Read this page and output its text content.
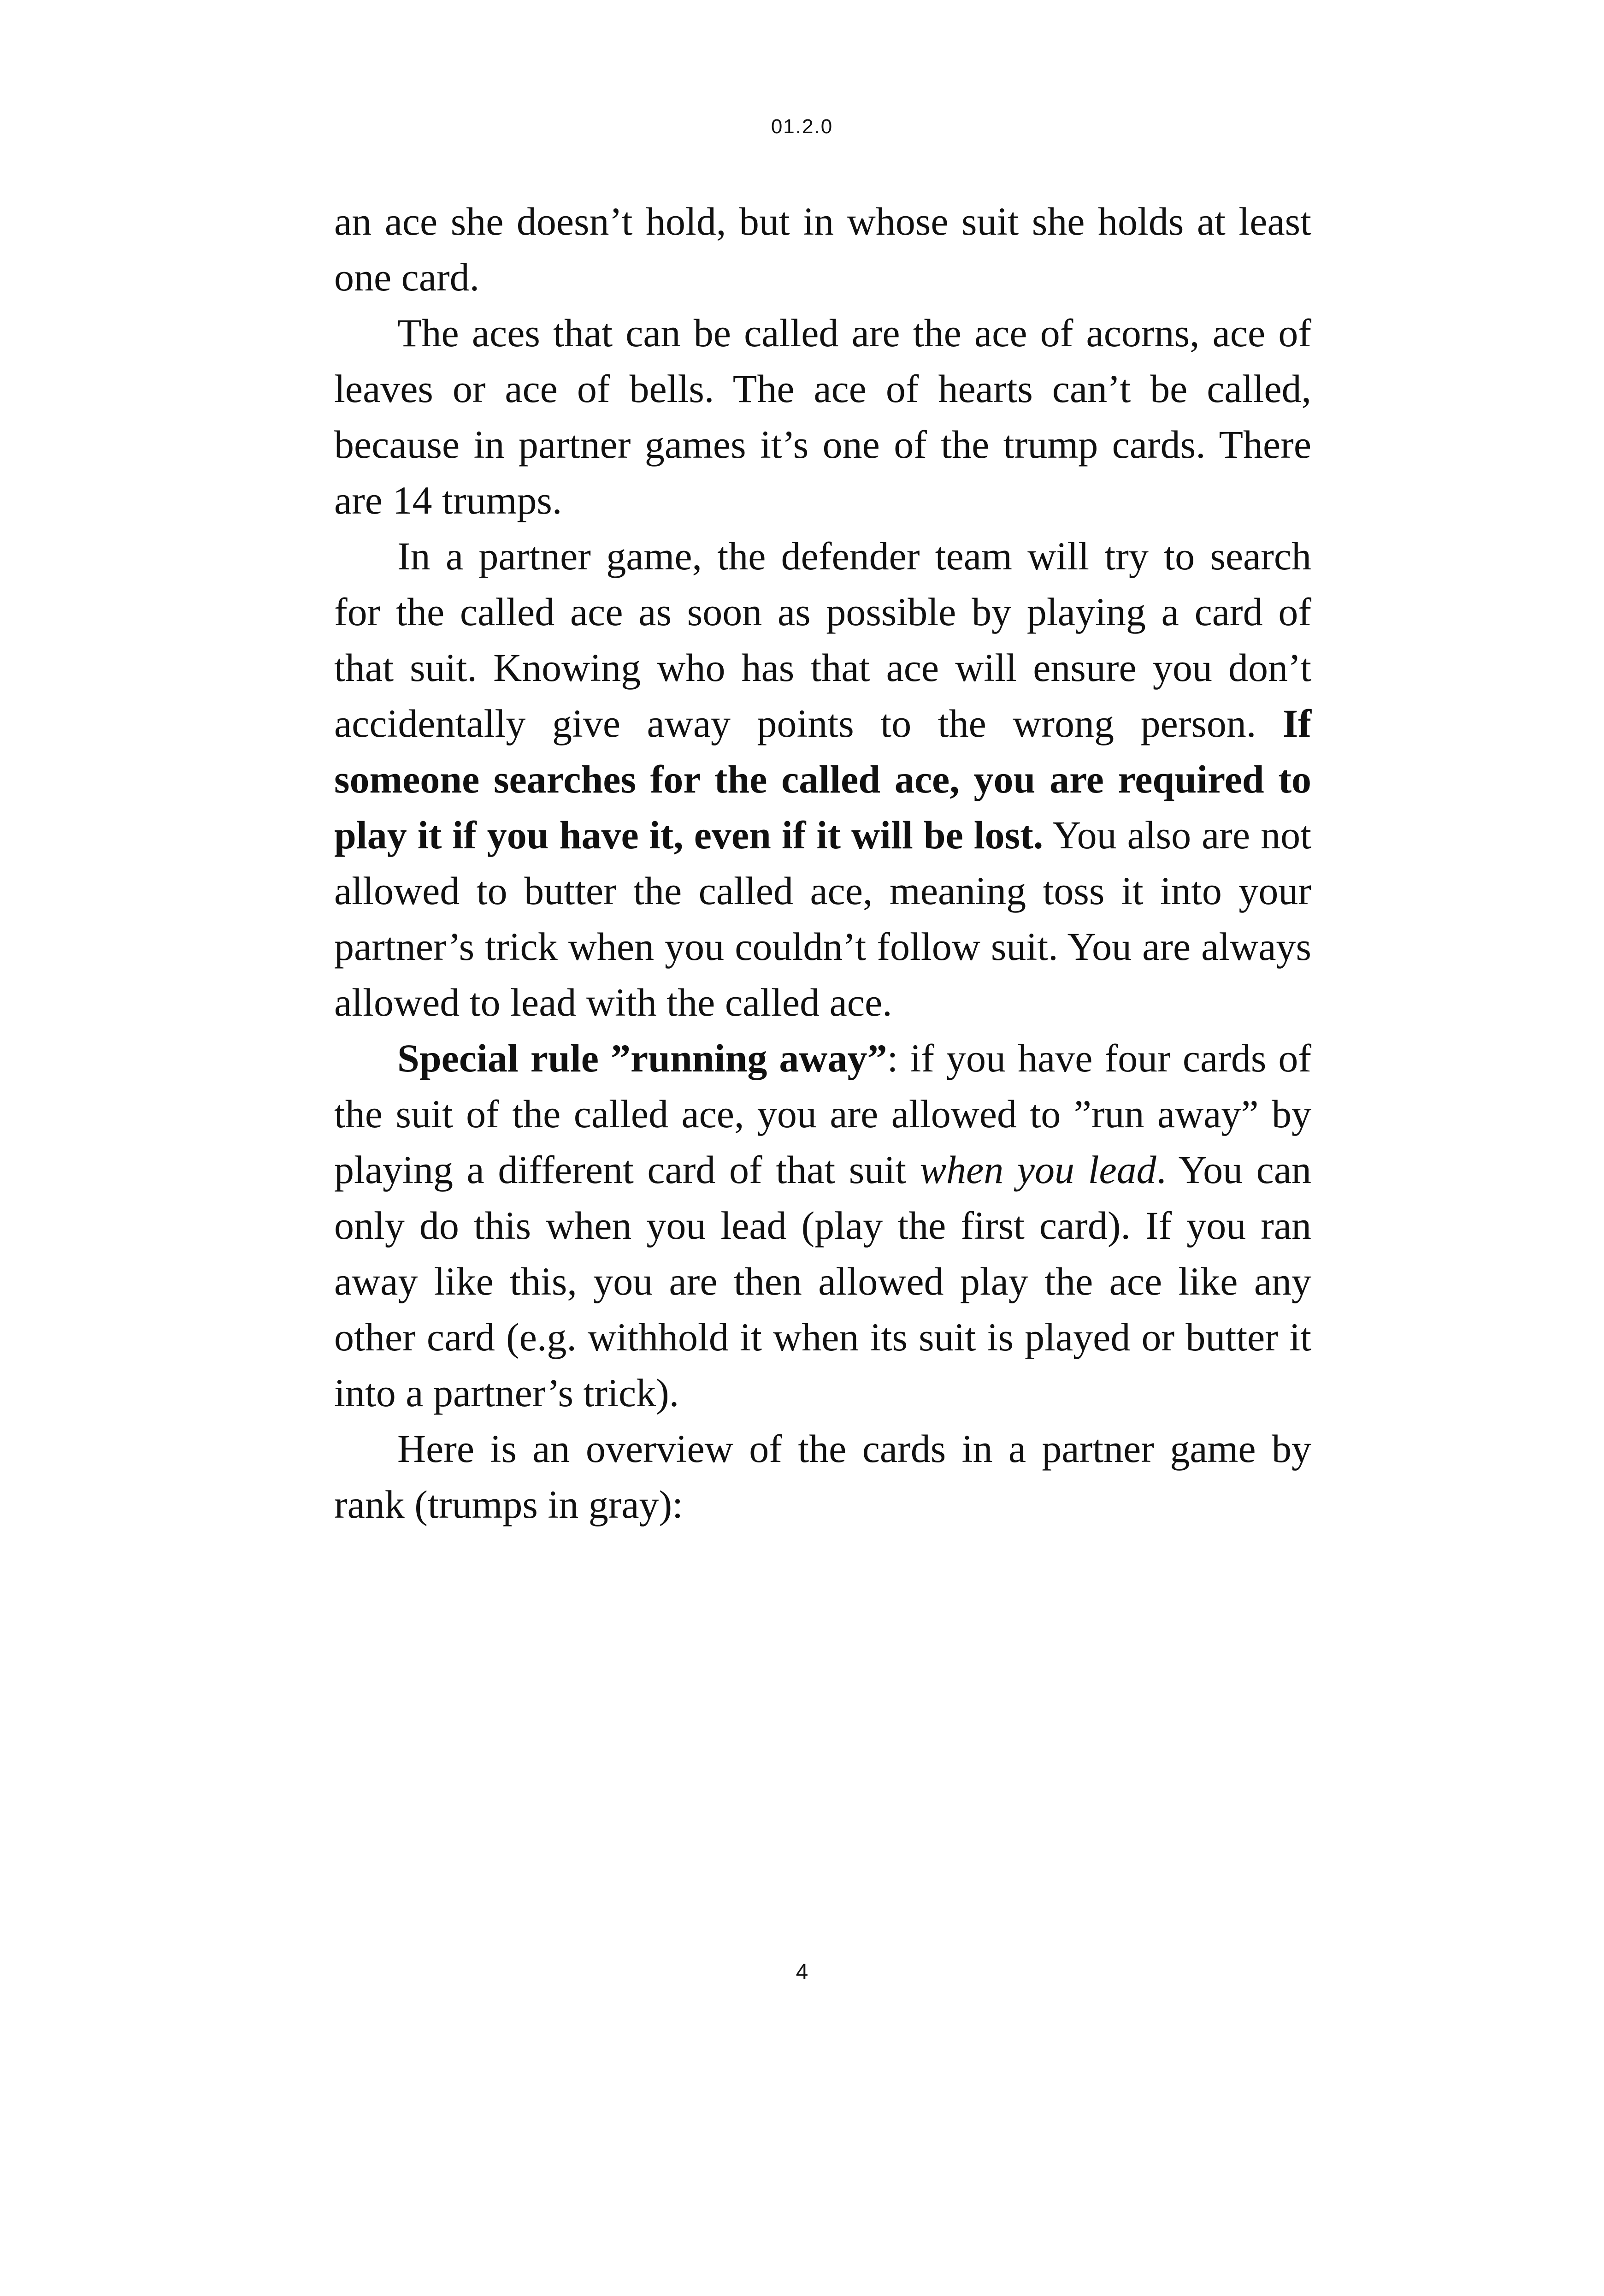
01.2.0

an ace she doesn’t hold, but in whose suit she holds at least one card.

The aces that can be called are the ace of acorns, ace of leaves or ace of bells. The ace of hearts can’t be called, because in partner games it’s one of the trump cards. There are 14 trumps.

In a partner game, the defender team will try to search for the called ace as soon as possible by playing a card of that suit. Knowing who has that ace will ensure you don’t accidentally give away points to the wrong person. If someone searches for the called ace, you are required to play it if you have it, even if it will be lost. You also are not allowed to butter the called ace, meaning toss it into your partner’s trick when you couldn’t follow suit. You are always allowed to lead with the called ace.

Special rule ”running away”: if you have four cards of the suit of the called ace, you are allowed to ”run away” by playing a different card of that suit when you lead. You can only do this when you lead (play the first card). If you ran away like this, you are then allowed play the ace like any other card (e.g. withhold it when its suit is played or butter it into a partner’s trick).

Here is an overview of the cards in a partner game by rank (trumps in gray):

4
